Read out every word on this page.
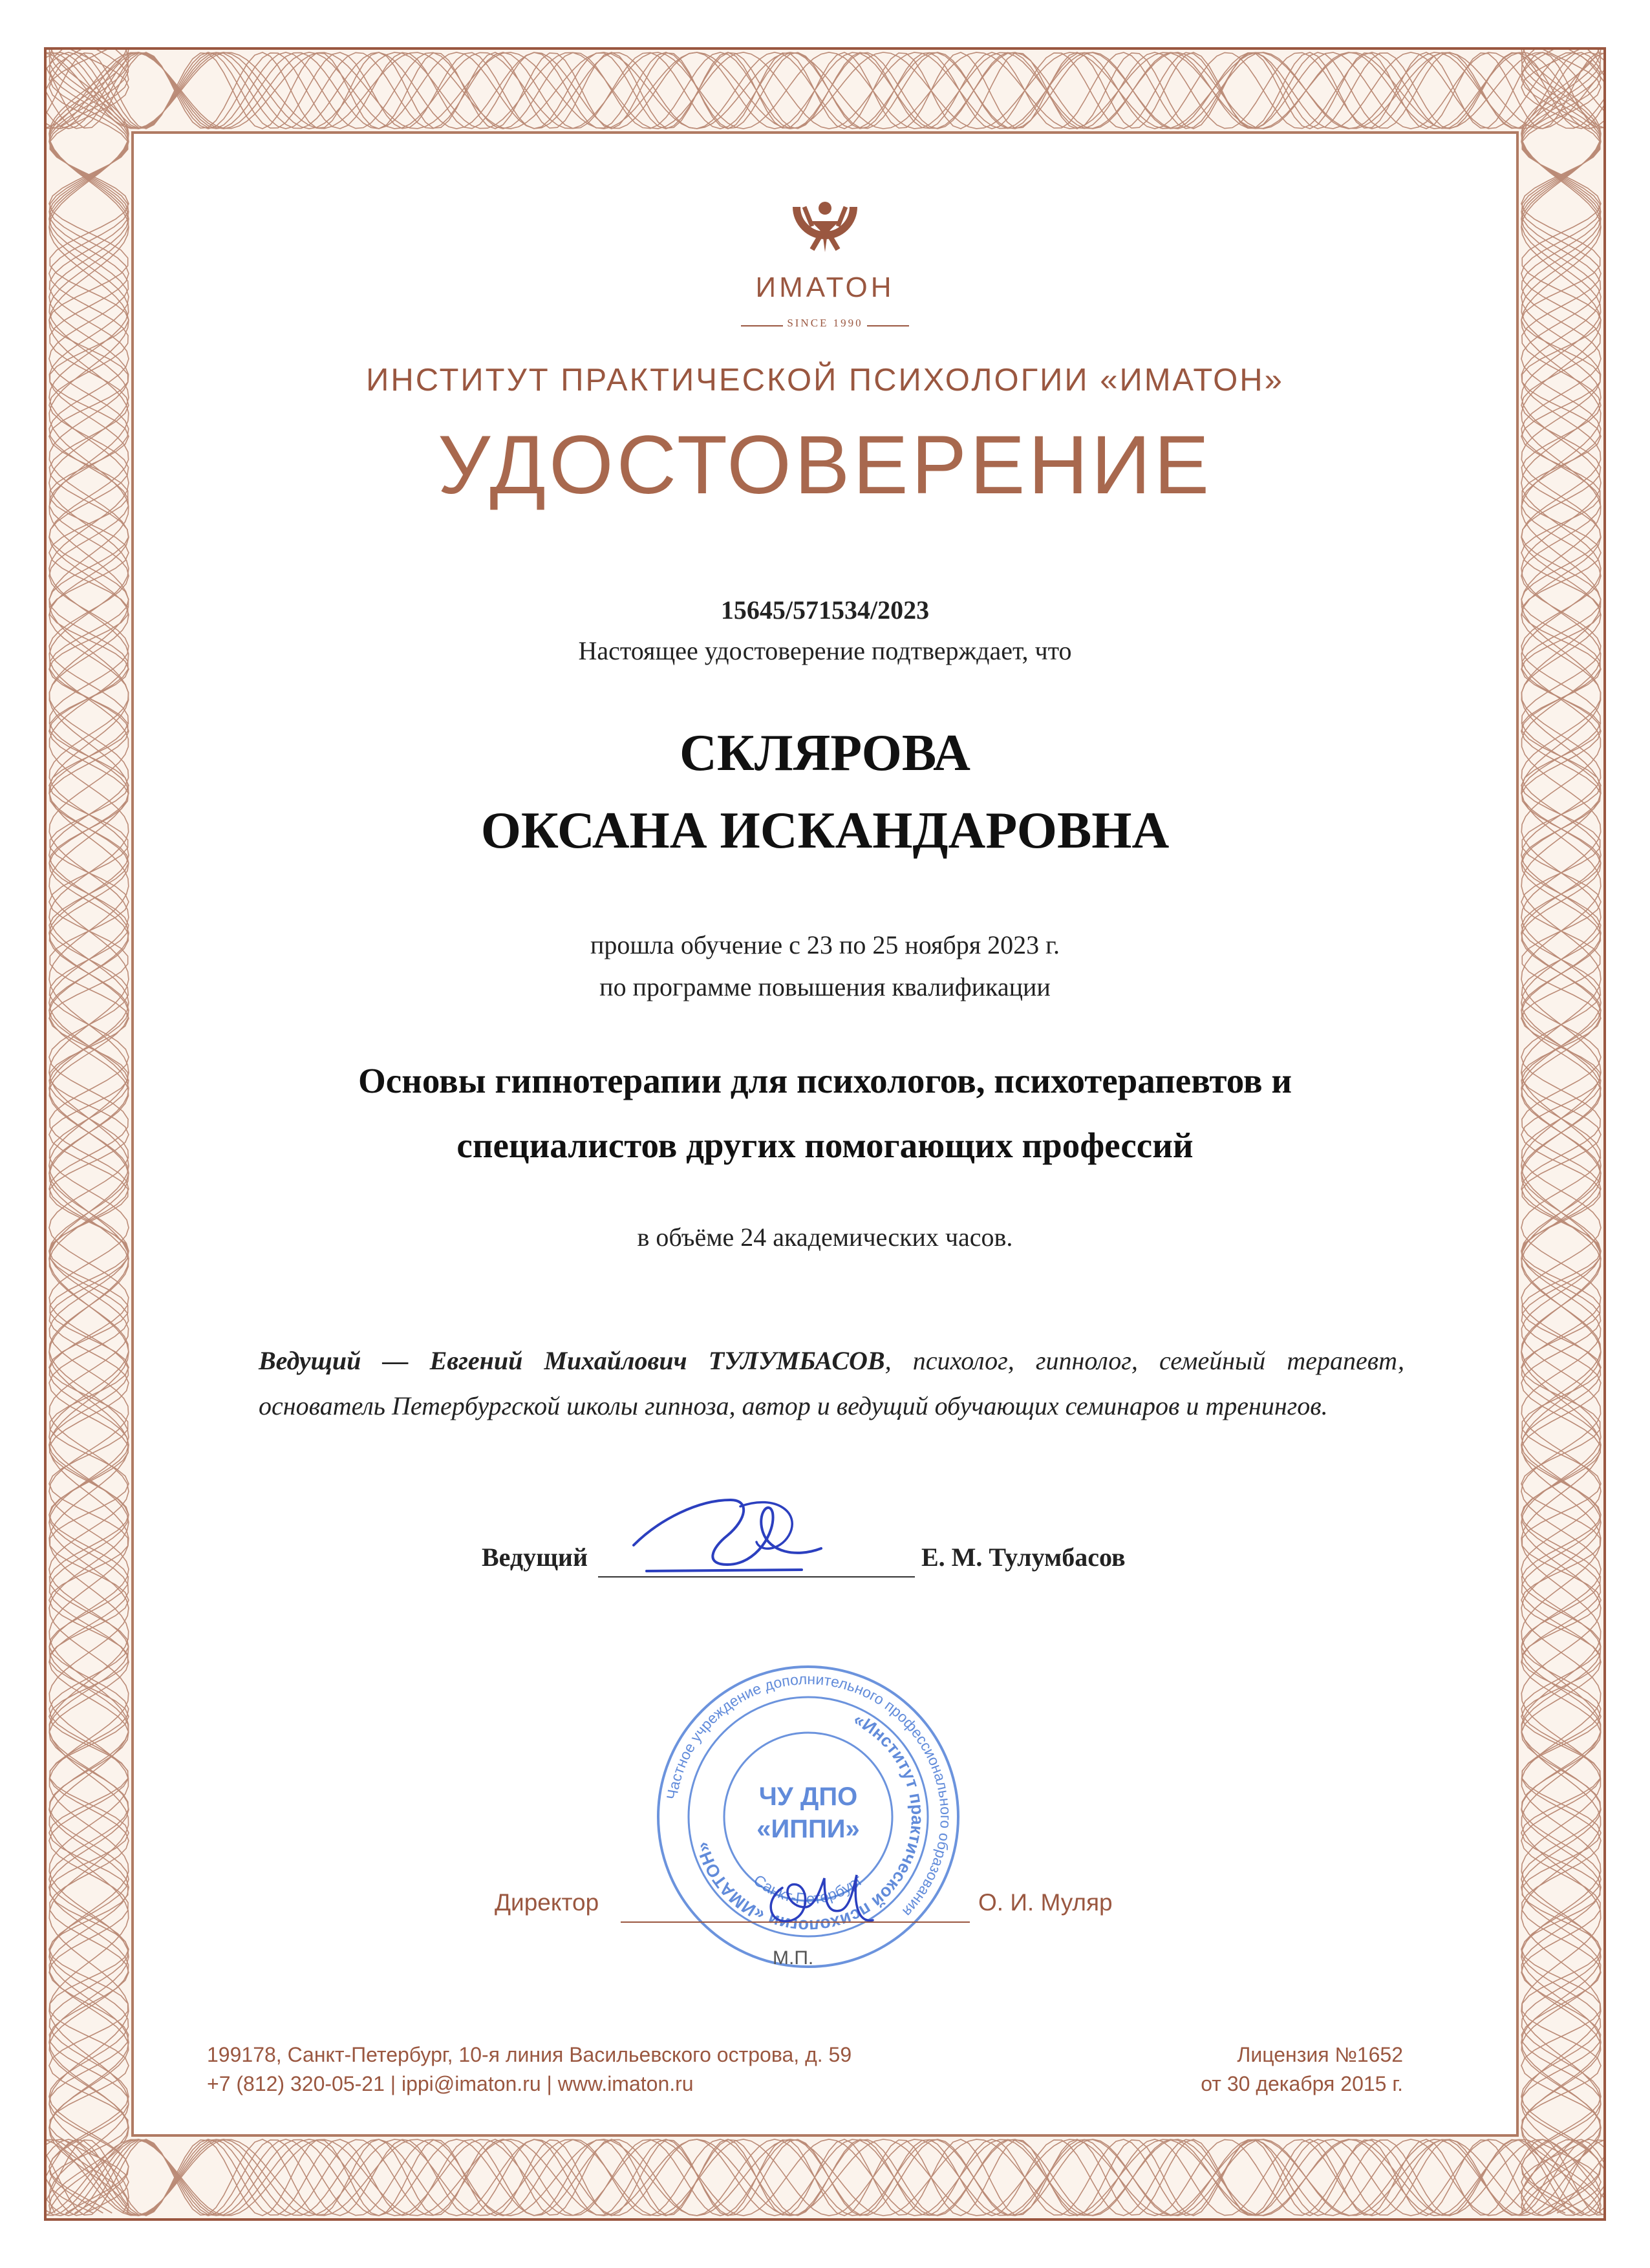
ИМАТОН
SINCE 1990
ИНСТИТУТ ПРАКТИЧЕСКОЙ ПСИХОЛОГИИ «ИМАТОН»
УДОСТОВЕРЕНИЕ
15645/571534/2023
Настоящее удостоверение подтверждает, что
СКЛЯРОВА
ОКСАНА ИСКАНДАРОВНА
прошла обучение с 23 по 25 ноября 2023 г.
по программе повышения квалификации
Основы гипнотерапии для психологов, психотерапевтов и
специалистов других помогающих профессий
в объёме 24 академических часов.
Ведущий — Евгений Михайлович ТУЛУМБАСОВ, психолог, гипнолог, семейный терапевт, основатель Петербургской школы гипноза, автор и ведущий обучающих семинаров и тренингов.
Ведущий	Е. М. Тулумбасов
Частное учреждение дополнительного профессионального образования
«Институт практической психологии «ИМАТОН»
ЧУ ДПО
«ИППИ»
Санкт-Петербург
Директор	О. И. Муляр
М.П.
199178, Санкт-Петербург, 10-я линия Васильевского острова, д. 59
+7 (812) 320-05-21 | ippi@imaton.ru | www.imaton.ru
Лицензия №1652
от 30 декабря 2015 г.
